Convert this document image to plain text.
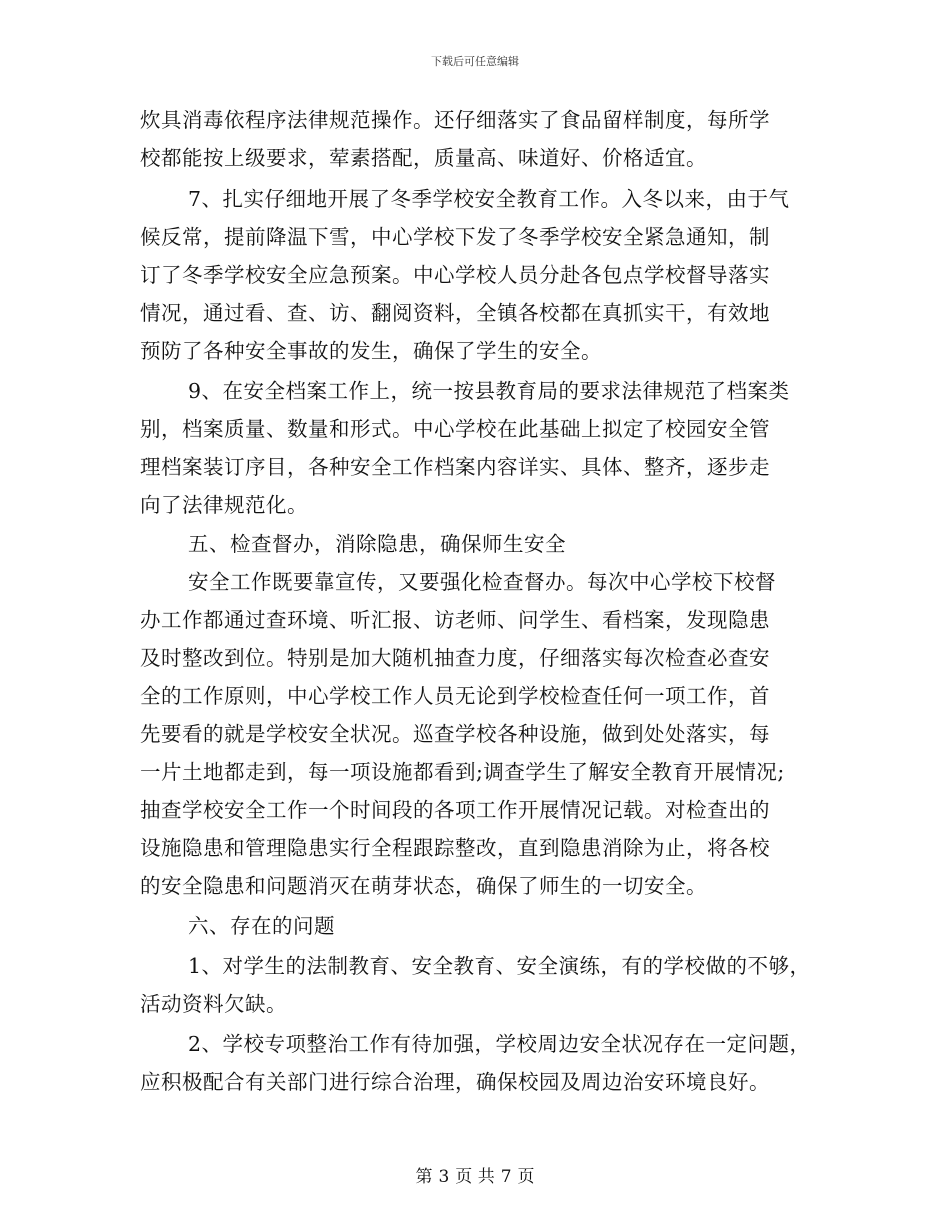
下载后可任意编辑
炊具消毒依程序法律规范操作。还仔细落实了食品留样制度，每所学
校都能按上级要求，荤素搭配，质量高、味道好、价格适宜。
7、扎实仔细地开展了冬季学校安全教育工作。入冬以来，由于气
候反常，提前降温下雪，中心学校下发了冬季学校安全紧急通知，制
订了冬季学校安全应急预案。中心学校人员分赴各包点学校督导落实
情况，通过看、查、访、翻阅资料，全镇各校都在真抓实干，有效地
预防了各种安全事故的发生，确保了学生的安全。
9、在安全档案工作上，统一按县教育局的要求法律规范了档案类
别，档案质量、数量和形式。中心学校在此基础上拟定了校园安全管
理档案装订序目，各种安全工作档案内容详实、具体、整齐，逐步走
向了法律规范化。
五、检查督办，消除隐患，确保师生安全
安全工作既要靠宣传，又要强化检查督办。每次中心学校下校督
办工作都通过查环境、听汇报、访老师、问学生、看档案，发现隐患
及时整改到位。特别是加大随机抽查力度，仔细落实每次检查必查安
全的工作原则，中心学校工作人员无论到学校检查任何一项工作，首
先要看的就是学校安全状况。巡查学校各种设施，做到处处落实，每
一片土地都走到，每一项设施都看到;调查学生了解安全教育开展情况;
抽查学校安全工作一个时间段的各项工作开展情况记载。对检查出的
设施隐患和管理隐患实行全程跟踪整改，直到隐患消除为止，将各校
的安全隐患和问题消灭在萌芽状态，确保了师生的一切安全。
六、存在的问题
1、对学生的法制教育、安全教育、安全演练，有的学校做的不够，
活动资料欠缺。
2、学校专项整治工作有待加强，学校周边安全状况存在一定问题，
应积极配合有关部门进行综合治理，确保校园及周边治安环境良好。
第 3 页 共 7 页
